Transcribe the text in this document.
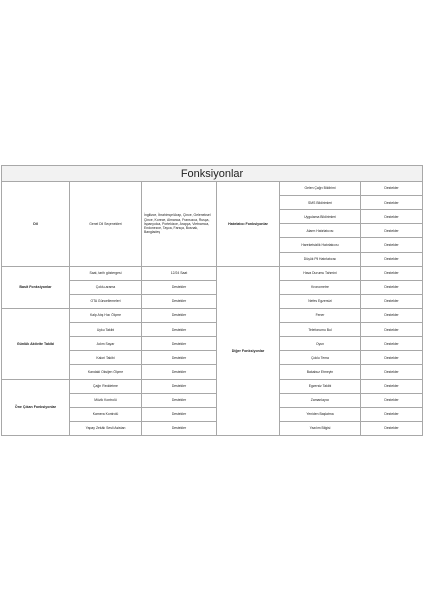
Fonksiyonlar					
Dil	Genel Dil Seçenekleri	İngilizce, İbrahimçe/Arap, Çince, Geleneksel Çince, Korece, Almanca, Fransızca, Rusça, İspanyolca, Portekizce, Arapça, Vietnamca, Endonezce, Tayca, Farsça, Bosnak, Bangladeş	Hatırlatıcı Fonksiyonlar	Gelen Çağrı Bildirimi	Destekler
				SMS Bildirimleri	Destekler
				Uygulama Bildirimleri	Destekler
				Alarm Hatırlatıcısı	Destekler
				Hareketsizlik Hatırlatıcısı	Destekler
				Düşük Pil Hatırlatıcısı	Destekler
Basit Fonksiyonlar	Saat, tarih göstergesi	12/24 Saat	Diğer Fonksiyonlar	Hava Durumu Tahmini	Destekler
	Çoklu-arama	Destekler		Kronometre	Destekler
	OTA Güncellemeleri	Destekler		Nefes Egzersizi	Destekler
Günlük Aktivite Takibi	Kalp Atış Hızı Ölçme	Destekler		Fener	Destekler
	Uyku Takibi	Destekler		Telefonumu Bul	Destekler
	Adım Sayar	Destekler		Oyun	Destekler
	Kalori Takibi	Destekler		Çoklu Tema	Destekler
	Kandaki Oksijen Ölçme	Destekler		Bakabuz Etmeyin	Destekler
Öne Çıkan Fonksiyonlar	Çağrı Reddetme	Destekler		Egzersiz Takibi	Destekler
	Müzik Kontrolü	Destekler		Zamanlayıcı	Destekler
	Kamera Kontrolü	Destekler		Yeniden Başlatma	Destekler
	Yapay Zekâlı Sesli Asistan	Destekler		Yazılım Bilgisi	Destekler
